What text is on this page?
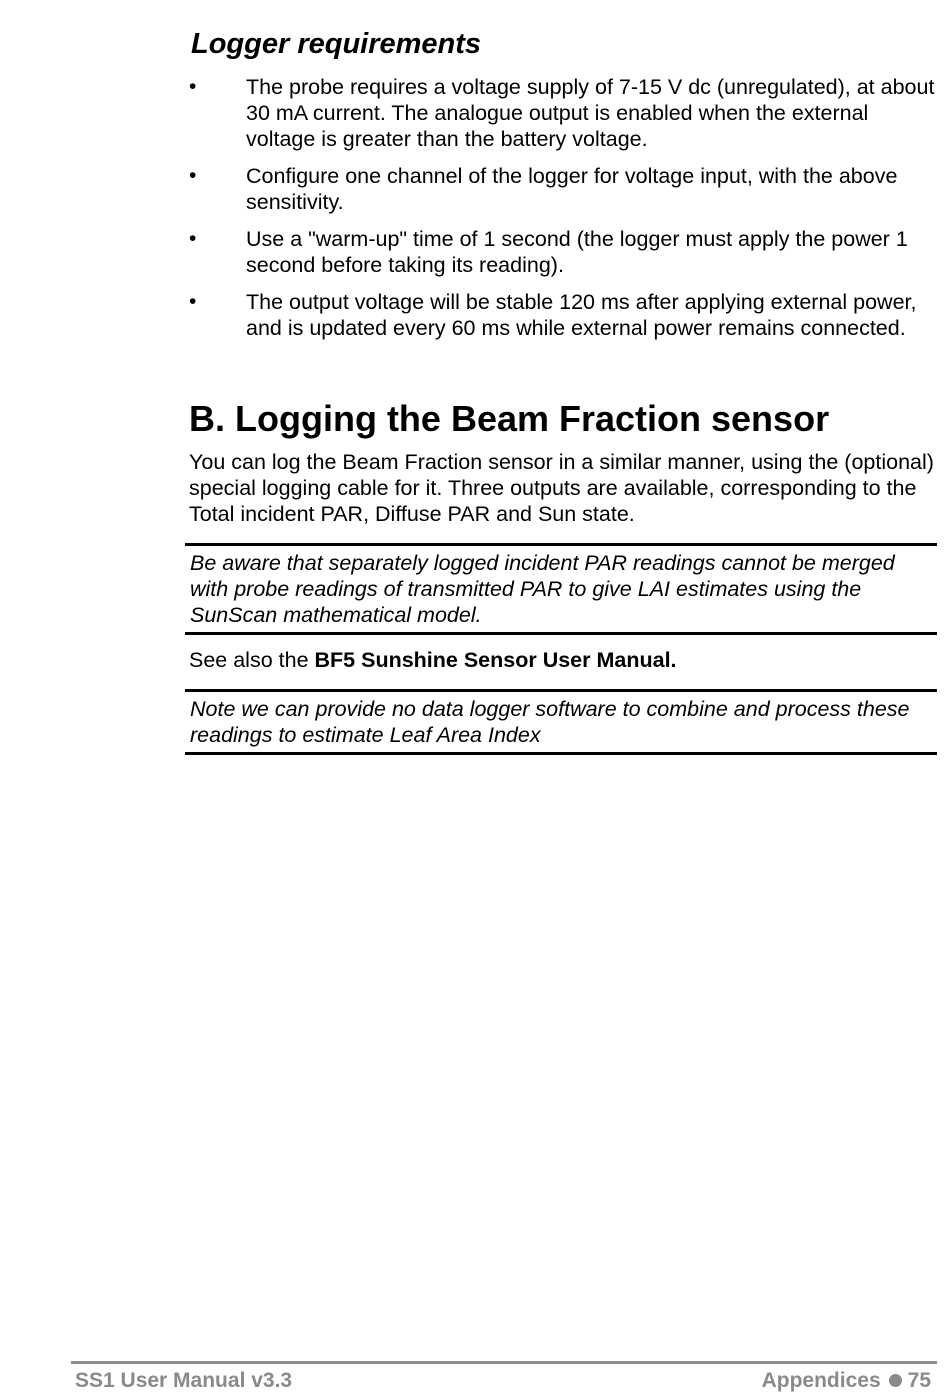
Logger requirements
•	The probe requires a voltage supply of 7-15 V dc (unregulated), at about 30 mA current. The analogue output is enabled when the external voltage is greater than the battery voltage.
•	Configure one channel of the logger for voltage input, with the above sensitivity.
•	Use a "warm-up" time of 1 second (the logger must apply the power 1 second before taking its reading).
•	The output voltage will be stable 120 ms after applying external power, and is updated every 60 ms while external power remains connected.
B. Logging the Beam Fraction sensor

You can log the Beam Fraction sensor in a similar manner, using the (optional) special logging cable for it. Three outputs are available, corresponding to the Total incident PAR, Diffuse PAR and Sun state.

Be aware that separately logged incident PAR readings cannot be merged with probe readings of transmitted PAR to give LAI estimates using the SunScan mathematical model.

See also the BF5 Sunshine Sensor User Manual.

Note we can provide no data logger software to combine and process these readings to estimate Leaf Area Index
SS1 User Manual v3.3	Appendices 75
